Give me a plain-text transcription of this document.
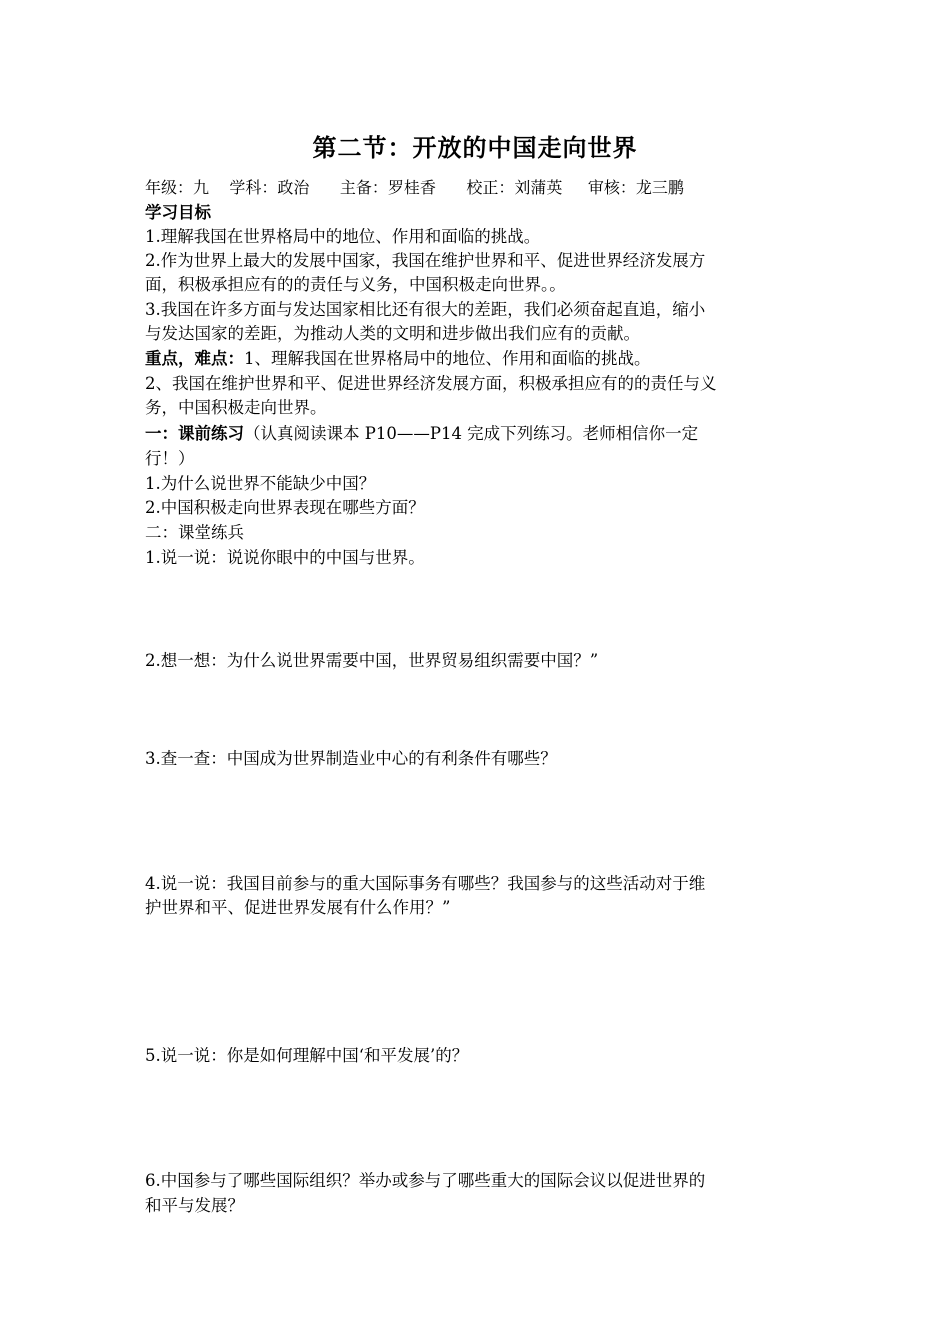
第二节：开放的中国走向世界
年级：九 学科：政治 主备：罗桂香 校正：刘蒲英 审核：龙三鹏
学习目标
1.理解我国在世界格局中的地位、作用和面临的挑战。
2.作为世界上最大的发展中国家，我国在维护世界和平、促进世界经济发展方
面，积极承担应有的的责任与义务，中国积极走向世界。。
3.我国在许多方面与发达国家相比还有很大的差距，我们必须奋起直追，缩小
与发达国家的差距，为推动人类的文明和进步做出我们应有的贡献。
重点，难点：1、理解我国在世界格局中的地位、作用和面临的挑战。
2、我国在维护世界和平、促进世界经济发展方面，积极承担应有的的责任与义
务，中国积极走向世界。
一：课前练习（认真阅读课本 P10——P14 完成下列练习。老师相信你一定
行！）
1.为什么说世界不能缺少中国？
2.中国积极走向世界表现在哪些方面？
二：课堂练兵
1.说一说：说说你眼中的中国与世界。
2.想一想：为什么说世界需要中国，世界贸易组织需要中国？”
3.查一查：中国成为世界制造业中心的有利条件有哪些？
4.说一说：我国目前参与的重大国际事务有哪些？我国参与的这些活动对于维
护世界和平、促进世界发展有什么作用？”
5.说一说：你是如何理解中国‘和平发展’的？
6.中国参与了哪些国际组织？举办或参与了哪些重大的国际会议以促进世界的
和平与发展？
